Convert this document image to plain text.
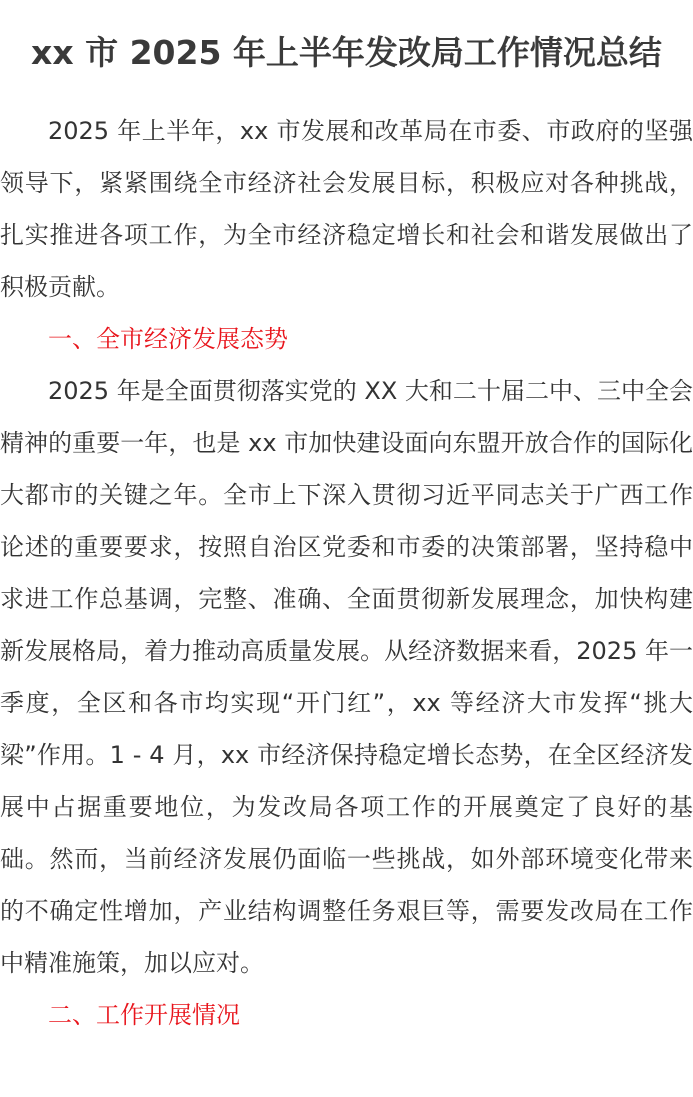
xx 市 2025 年上半年发改局工作情况总结

2025 年上半年，xx 市发展和改革局在市委、市政府的坚强领导下，紧紧围绕全市经济社会发展目标，积极应对各种挑战，扎实推进各项工作，为全市经济稳定增长和社会和谐发展做出了积极贡献。

一、全市经济发展态势

2025 年是全面贯彻落实党的 XX 大和二十届二中、三中全会精神的重要一年，也是 xx 市加快建设面向东盟开放合作的国际化大都市的关键之年。全市上下深入贯彻习近平同志关于广西工作论述的重要要求，按照自治区党委和市委的决策部署，坚持稳中求进工作总基调，完整、准确、全面贯彻新发展理念，加快构建新发展格局，着力推动高质量发展。从经济数据来看，2025 年一季度，全区和各市均实现“开门红”，xx 等经济大市发挥“挑大梁”作用。1 - 4 月，xx 市经济保持稳定增长态势，在全区经济发展中占据重要地位，为发改局各项工作的开展奠定了良好的基础。然而，当前经济发展仍面临一些挑战，如外部环境变化带来的不确定性增加，产业结构调整任务艰巨等，需要发改局在工作中精准施策，加以应对。

二、工作开展情况
